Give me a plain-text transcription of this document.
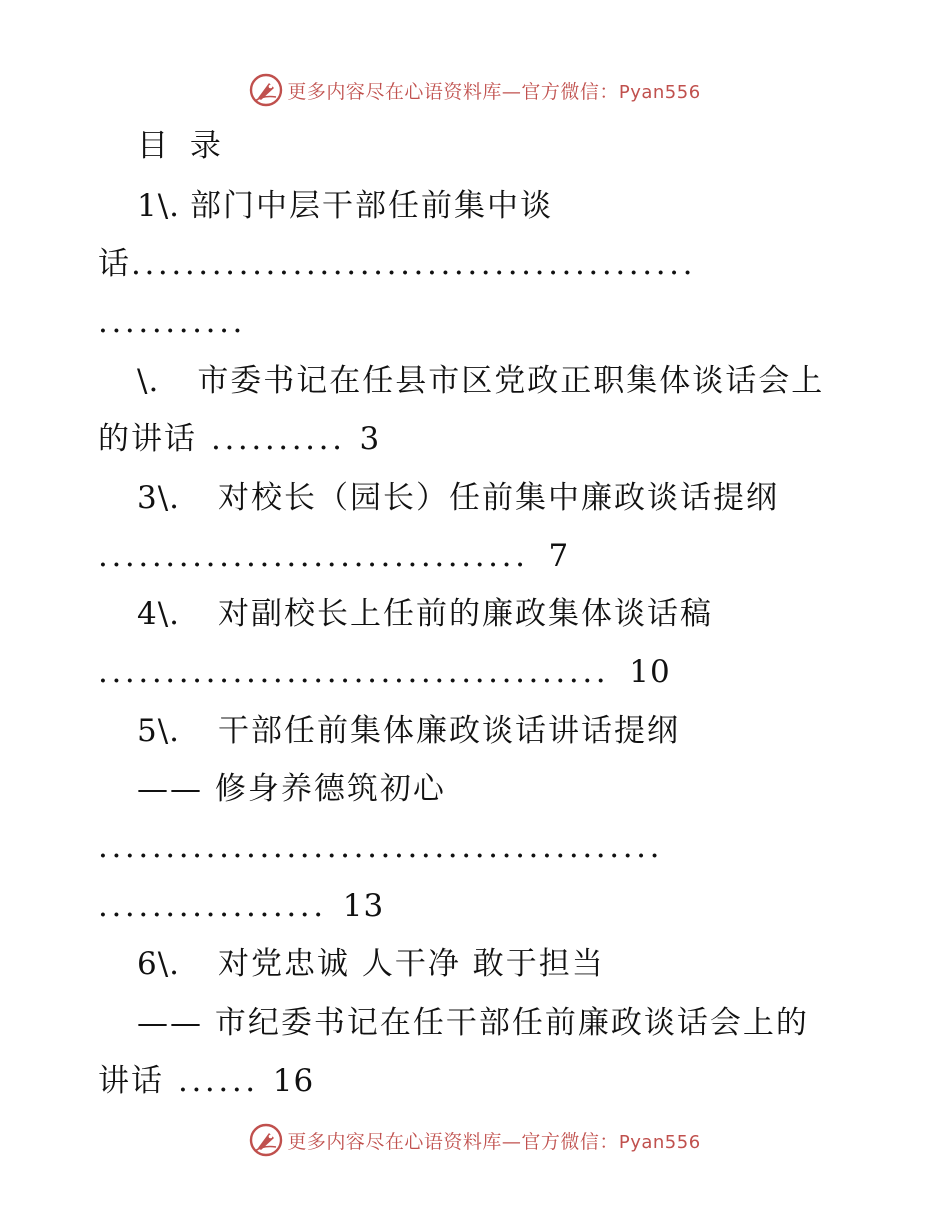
更多内容尽在心语资料库—官方微信：Pyan556
目 录
1\. 部门中层干部任前集中谈
话..........................................
...........
\. 市委书记在任县市区党政正职集体谈话会上
的讲话 .......... 3
3\. 对校长（园长）任前集中廉政谈话提纲
................................ 7
4\. 对副校长上任前的廉政集体谈话稿
...................................... 10
5\. 干部任前集体廉政谈话讲话提纲
—— 修身养德筑初心
..........................................
................. 13
6\. 对党忠诚 人干净 敢于担当
—— 市纪委书记在任干部任前廉政谈话会上的
讲话 ...... 16
更多内容尽在心语资料库—官方微信：Pyan556
